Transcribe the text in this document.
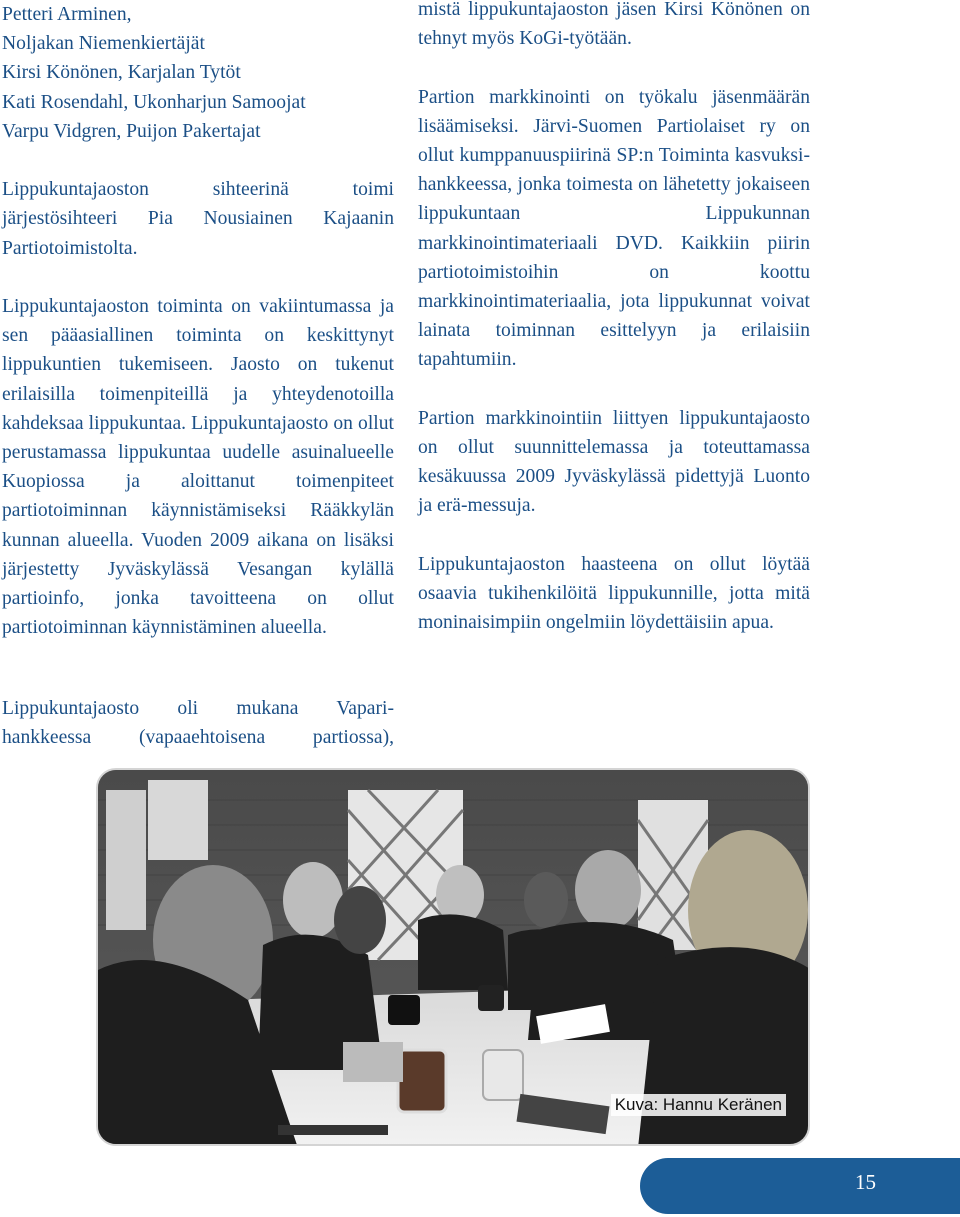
Petteri Arminen,
Noljakan Niemenkiertäjät
Kirsi Könönen, Karjalan Tytöt
Kati Rosendahl, Ukonharjun Samoojat
Varpu Vidgren, Puijon Pakertajat

Lippukuntajaoston sihteerinä toimi järjestösihteeri Pia Nousiainen Kajaanin Partiotoimistolta.

Lippukuntajaoston toiminta on vakiintumassa ja sen pääasiallinen toiminta on keskittynyt lippukuntien tukemiseen. Jaosto on tukenut erilaisilla toimenpiteillä ja yhteydenotoilla kahdeksaa lippukuntaa. Lippukuntajaosto on ollut perustamassa lippukuntaa uudelle asuinalueelle Kuopiossa ja aloittanut toimenpiteet partiotoiminnan käynnistämiseksi Rääkkylän kunnan alueella. Vuoden 2009 aikana on lisäksi järjestetty Jyväskylässä Vesangan kylällä partioinfo, jonka tavoitteena on ollut partiotoiminnan käynnistäminen alueella.

Lippukuntajaosto oli mukana Vapari-
hankkeessa (vapaaehtoisena partiossa),

mistä lippukuntajaoston jäsen Kirsi Könönen on tehnyt myös KoGi-työtään.

Partion markkinointi on työkalu jäsenmäärän lisäämiseksi. Järvi-Suomen Partiolaiset ry on ollut kumppanuuspiirinä SP:n Toiminta kasvuksi- hankkeessa, jonka toimesta on lähetetty jokaiseen lippukuntaan Lippukunnan markkinointimateriaali DVD. Kaikkiin piirin partiotoimistoihin on koottu markkinointimateriaalia, jota lippukunnat voivat lainata toiminnan esittelyyn ja erilaisiin tapahtumiin.

Partion markkinointiin liittyen lippukuntajaosto on ollut suunnittelemassa ja toteuttamassa kesäkuussa 2009 Jyväskylässä pidettyjä Luonto ja erä-messuja.

Lippukuntajaoston haasteena on ollut löytää osaavia tukihenkilöitä lippukunnille, jotta mitä moninaisimpiin ongelmiin löydettäisiin apua.

Kuva: Hannu Keränen
15
